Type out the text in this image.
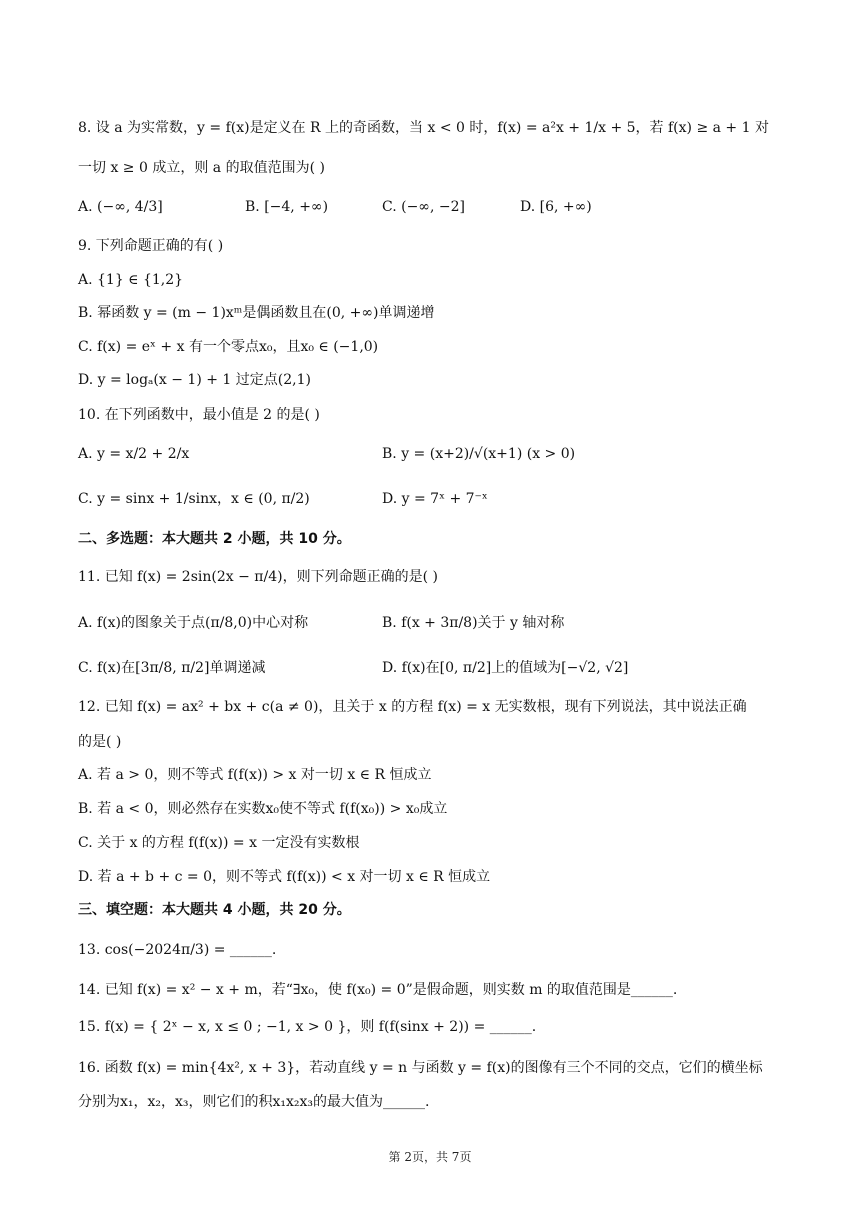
8. 设 a 为实常数，y = f(x)是定义在 R 上的奇函数，当 x < 0 时，f(x) = a²x + 1/x + 5，若 f(x) ≥ a + 1 对
一切 x ≥ 0 成立，则 a 的取值范围为( )
A. (−∞, 4/3]	B. [−4, +∞)	C. (−∞, −2]	D. [6, +∞)
9. 下列命题正确的有( )
A. {1} ∈ {1,2}
B. 幂函数 y = (m − 1)xᵐ是偶函数且在(0, +∞)单调递增
C. f(x) = eˣ + x 有一个零点x₀，且x₀ ∈ (−1,0)
D. y = logₐ(x − 1) + 1 过定点(2,1)
10. 在下列函数中，最小值是 2 的是( )
A. y = x/2 + 2/x	B. y = (x+2)/√(x+1) (x > 0)
C. y = sinx + 1/sinx，x ∈ (0, π/2)	D. y = 7ˣ + 7⁻ˣ
二、多选题：本大题共 2 小题，共 10 分。
11. 已知 f(x) = 2sin(2x − π/4)，则下列命题正确的是( )
A. f(x)的图象关于点(π/8,0)中心对称	B. f(x + 3π/8)关于 y 轴对称
C. f(x)在[3π/8, π/2]单调递减	D. f(x)在[0, π/2]上的值域为[−√2, √2]
12. 已知 f(x) = ax² + bx + c(a ≠ 0)，且关于 x 的方程 f(x) = x 无实数根，现有下列说法，其中说法正确
的是( )
A. 若 a > 0，则不等式 f(f(x)) > x 对一切 x ∈ R 恒成立
B. 若 a < 0，则必然存在实数x₀使不等式 f(f(x₀)) > x₀成立
C. 关于 x 的方程 f(f(x)) = x 一定没有实数根
D. 若 a + b + c = 0，则不等式 f(f(x)) < x 对一切 x ∈ R 恒成立
三、填空题：本大题共 4 小题，共 20 分。
13. cos(−2024π/3) = ______.
14. 已知 f(x) = x² − x + m，若“∃x₀，使 f(x₀) = 0”是假命题，则实数 m 的取值范围是______.
15. f(x) = { 2ˣ − x, x ≤ 0 ; −1, x > 0 }，则 f(f(sinx + 2)) = ______.
16. 函数 f(x) = min{4x², x + 3}，若动直线 y = n 与函数 y = f(x)的图像有三个不同的交点，它们的横坐标
分别为x₁，x₂，x₃，则它们的积x₁x₂x₃的最大值为______.
第 2页，共 7页
